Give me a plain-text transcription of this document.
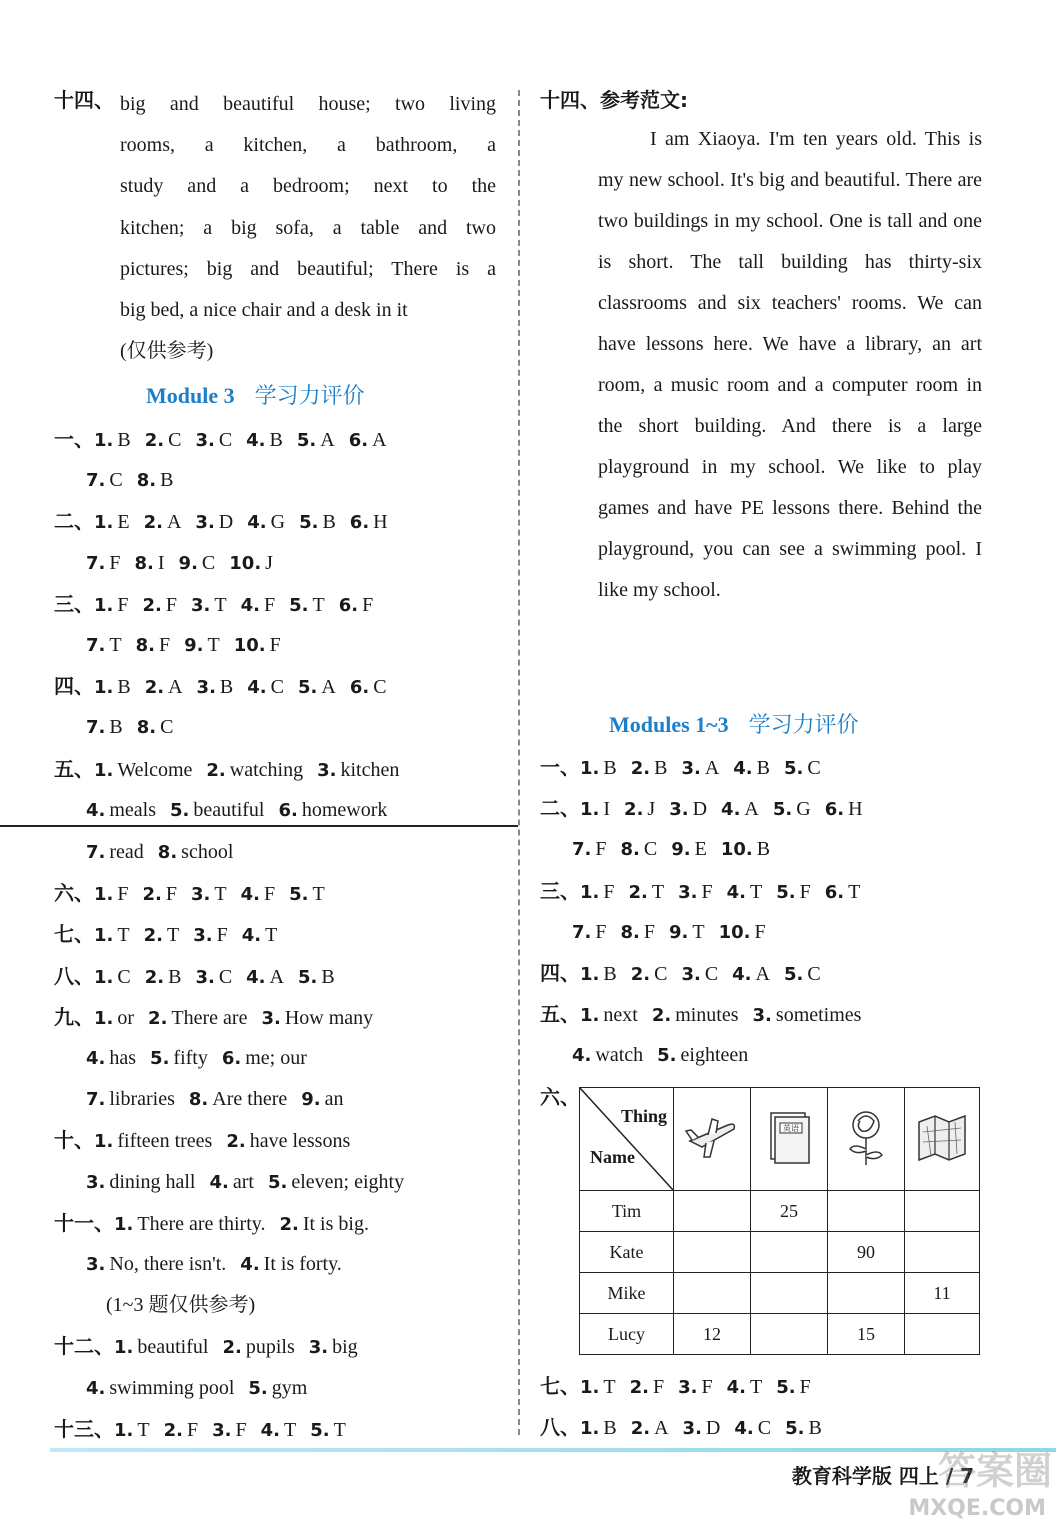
十四、 big and beautiful house; two living
rooms, a kitchen, a bathroom, a
study and a bedroom; next to the
kitchen; a big sofa, a table and two
pictures; big and beautiful; There is a
big bed, a nice chair and a desk in it
(仅供参考)
Module 3 学习力评价
一、1. B 2. C 3. C 4. B 5. A 6. A
7. C 8. B
二、1. E 2. A 3. D 4. G 5. B 6. H
7. F 8. I 9. C 10. J
三、1. F 2. F 3. T 4. F 5. T 6. F
7. T 8. F 9. T 10. F
四、1. B 2. A 3. B 4. C 5. A 6. C
7. B 8. C
五、1. Welcome 2. watching 3. kitchen
4. meals 5. beautiful 6. homework
7. read 8. school
六、1. F 2. F 3. T 4. F 5. T
七、1. T 2. T 3. F 4. T
八、1. C 2. B 3. C 4. A 5. B
九、1. or 2. There are 3. How many
4. has 5. fifty 6. me; our
7. libraries 8. Are there 9. an
十、1. fifteen trees 2. have lessons
3. dining hall 4. art 5. eleven; eighty
十一、1. There are thirty. 2. It is big.
3. No, there isn't. 4. It is forty.
(1~3 题仅供参考)
十二、1. beautiful 2. pupils 3. big
4. swimming pool 5. gym
十三、1. T 2. F 3. F 4. T 5. T
十四、参考范文:
I am Xiaoya. I'm ten years old. This is my new school. It's big and beautiful. There are two buildings in my school. One is tall and one is short. The tall building has thirty-six classrooms and six teachers' rooms. We can have lessons here. We have a library, an art room, a music room and a computer room in the short building. And there is a large playground in my school. We like to play games and have PE lessons there. Behind the playground, you can see a swimming pool. I like my school.
Modules 1~3 学习力评价
一、1. B 2. B 3. A 4. B 5. C
二、1. I 2. J 3. D 4. A 5. G 6. H
7. F 8. C 9. E 10. B
三、1. F 2. T 3. F 4. T 5. F 6. T
7. F 8. F 9. T 10. F
四、1. B 2. C 3. C 4. A 5. C
五、1. next 2. minutes 3. sometimes
4. watch 5. eighteen
六、
Thing
Name		英语

Tim		25		
Kate			90	
Mike				11
Lucy	12		15	
七、1. T 2. F 3. F 4. T 5. F
八、1. B 2. A 3. D 4. C 5. B
教育科学版 四上 / 7
答案圈
MXQE.COM
